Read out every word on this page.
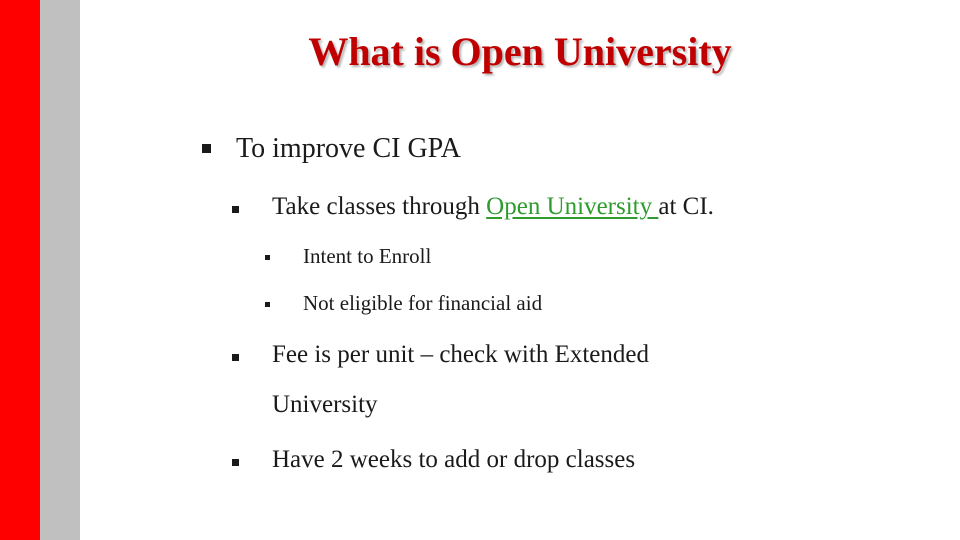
What is Open University
To improve CI GPA
Take classes through Open University at CI.
Intent to Enroll
Not eligible for financial aid
Fee is per unit – check with Extended
University
Have 2 weeks to add or drop classes
